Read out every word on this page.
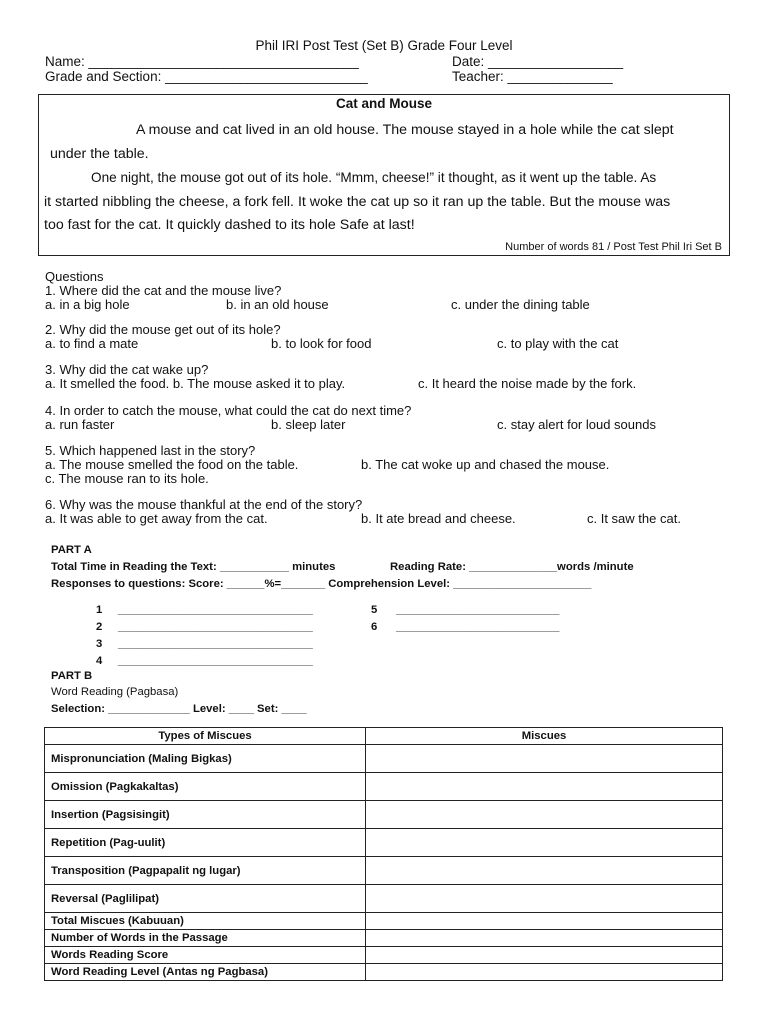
Phil IRI Post Test (Set B) Grade Four Level
Name: ____________________________________	Date: __________________
Grade and Section: ___________________________	Teacher: ______________
Cat and Mouse
A mouse and cat lived in an old house. The mouse stayed in a hole while the cat slept
under the table.
One night, the mouse got out of its hole. “Mmm, cheese!” it thought, as it went up the table. As
it started nibbling the cheese, a fork fell. It woke the cat up so it ran up the table. But the mouse was
too fast for the cat. It quickly dashed to its hole Safe at last!
Number of words 81 / Post Test Phil Iri Set B
Questions
1. Where did the cat and the mouse live?
a. in a big hole	b. in an old house	c. under the dining table
2. Why did the mouse get out of its hole?
a. to find a mate	b. to look for food	c. to play with the cat
3. Why did the cat wake up?
a. It smelled the food. b. The mouse asked it to play.	c. It heard the noise made by the fork.
4. In order to catch the mouse, what could the cat do next time?
a. run faster	b. sleep later	c. stay alert for loud sounds
5. Which happened last in the story?
a. The mouse smelled the food on the table.	b. The cat woke up and chased the mouse.
c. The mouse ran to its hole.
6. Why was the mouse thankful at the end of the story?
a. It was able to get away from the cat.	b. It ate bread and cheese.	c. It saw the cat.
PART A
Total Time in Reading the Text: ___________ minutes	Reading Rate: ______________words /minute
Responses to questions: Score: ______%=_______ Comprehension Level: ______________________
1 _______________________________
2 _______________________________
3 _______________________________
4 _______________________________
5 __________________________
6 __________________________
PART B
Word Reading (Pagbasa)
Selection: _____________ Level: ____ Set: ____
Types of Miscues	Miscues
Mispronunciation (Maling Bigkas)	
Omission (Pagkakaltas)	
Insertion (Pagsisingit)	
Repetition (Pag-uulit)	
Transposition (Pagpapalit ng lugar)	
Reversal (Paglilipat)	
Total Miscues (Kabuuan)	
Number of Words in the Passage	
Words Reading Score	
Word Reading Level (Antas ng Pagbasa)	
